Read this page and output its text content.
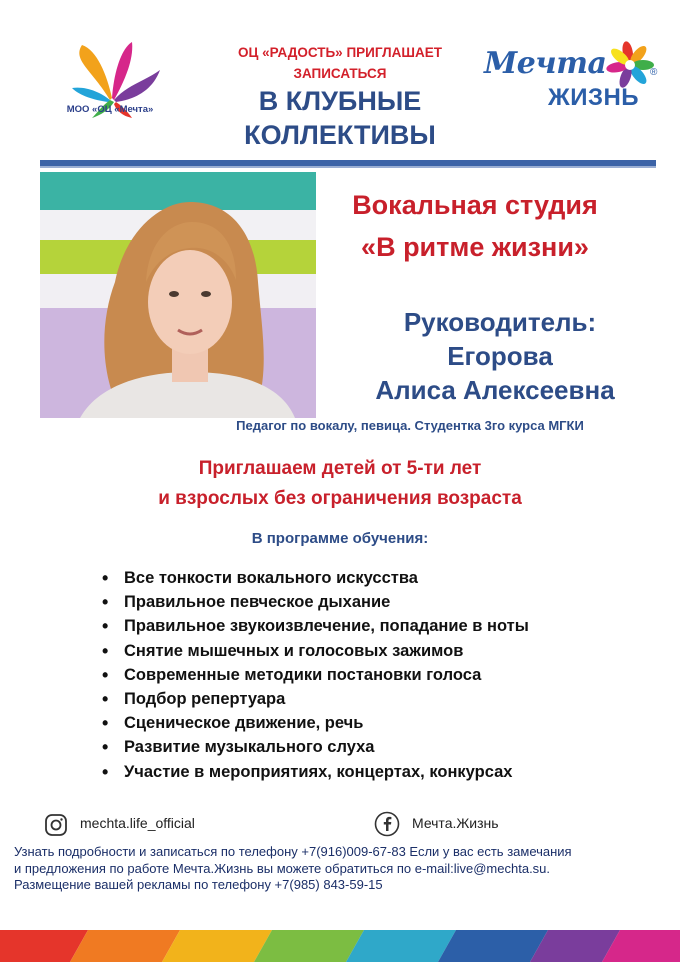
МОО «ОЦ «Мечта»
ОЦ «РАДОСТЬ» ПРИГЛАШАЕТ
ЗАПИСАТЬСЯ
В КЛУБНЫЕ
КОЛЛЕКТИВЫ
Мечта
ЖИЗНЬ
®
Вокальная студия
«В ритме жизни»
Руководитель:
Егорова
Алиса Алексеевна
Педагог по вокалу, певица. Студентка 3го курса МГКИ
Приглашаем детей от 5-ти лет
и взрослых без ограничения возраста
В программе обучения:
• Все тонкости вокального искусства
• Правильное певческое дыхание
• Правильное звукоизвлечение, попадание в ноты
• Снятие мышечных и голосовых зажимов
• Современные методики постановки голоса
• Подбор репертуара
• Сценическое движение, речь
• Развитие музыкального слуха
• Участие в мероприятиях, концертах, конкурсах
mechta.life_official	Мечта.Жизнь
Узнать подробности и записаться по телефону +7(916)009-67-83 Если у вас есть замечания
и предложения по работе Мечта.Жизнь вы можете обратиться по e-mail:live@mechta.su.
Размещение вашей рекламы по телефону +7(985) 843-59-15
